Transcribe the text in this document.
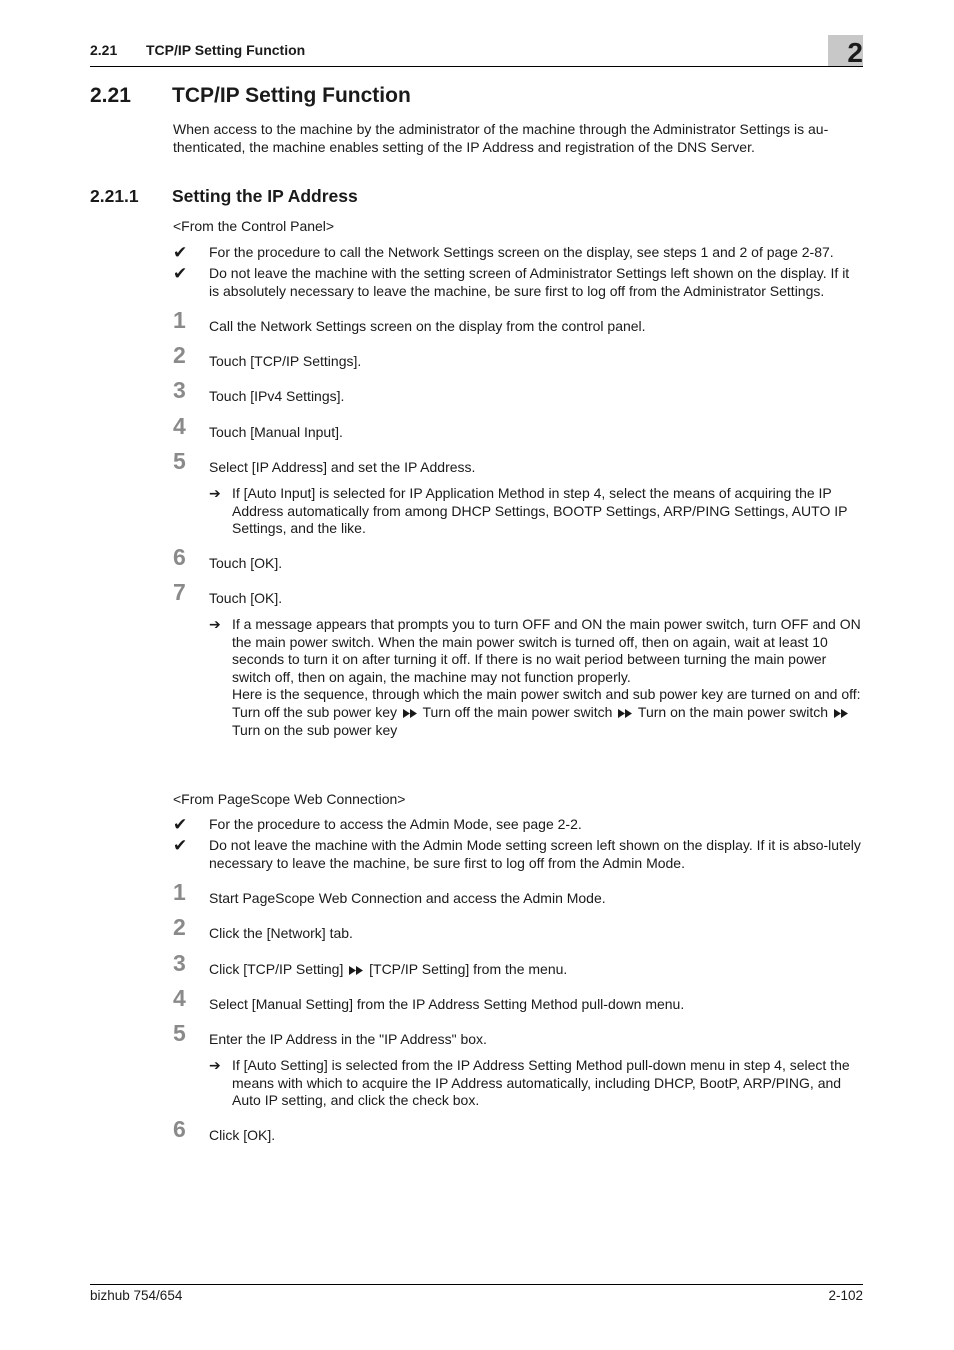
2.21 TCP/IP Setting Function	2
2.21 TCP/IP Setting Function

When access to the machine by the administrator of the machine through the Administrator Settings is au-thenticated, the machine enables setting of the IP Address and registration of the DNS Server.

2.21.1 Setting the IP Address
<From the Control Panel>
✔	For the procedure to call the Network Settings screen on the display, see steps 1 and 2 of page 2-87.
✔	Do not leave the machine with the setting screen of Administrator Settings left shown on the display. If it is absolutely necessary to leave the machine, be sure first to log off from the Administrator Settings.
1 Call the Network Settings screen on the display from the control panel.
2 Touch [TCP/IP Settings].
3 Touch [IPv4 Settings].
4 Touch [Manual Input].
5 Select [IP Address] and set the IP Address.
➔ If [Auto Input] is selected for IP Application Method in step 4, select the means of acquiring the IP Address automatically from among DHCP Settings, BOOTP Settings, ARP/PING Settings, AUTO IP Settings, and the like.
6 Touch [OK].
7 Touch [OK].
➔ If a message appears that prompts you to turn OFF and ON the main power switch, turn OFF and ON the main power switch. When the main power switch is turned off, then on again, wait at least 10 seconds to turn it on after turning it off. If there is no wait period between turning the main power switch off, then on again, the machine may not function properly.
Here is the sequence, through which the main power switch and sub power key are turned on and off:
Turn off the sub power key Turn off the main power switch Turn on the main power switch

Turn on the sub power key
<From PageScope Web Connection>
✔	For the procedure to access the Admin Mode, see page 2-2.
✔	Do not leave the machine with the Admin Mode setting screen left shown on the display. If it is abso-lutely necessary to leave the machine, be sure first to log off from the Admin Mode.
1 Start PageScope Web Connection and access the Admin Mode.
2 Click the [Network] tab.
3 Click [TCP/IP Setting] [TCP/IP Setting] from the menu.
4 Select [Manual Setting] from the IP Address Setting Method pull-down menu.
5 Enter the IP Address in the "IP Address" box.
➔ If [Auto Setting] is selected from the IP Address Setting Method pull-down menu in step 4, select the means with which to acquire the IP Address automatically, including DHCP, BootP, ARP/PING, and Auto IP setting, and click the check box.
6 Click [OK].
bizhub 754/654	2-102
